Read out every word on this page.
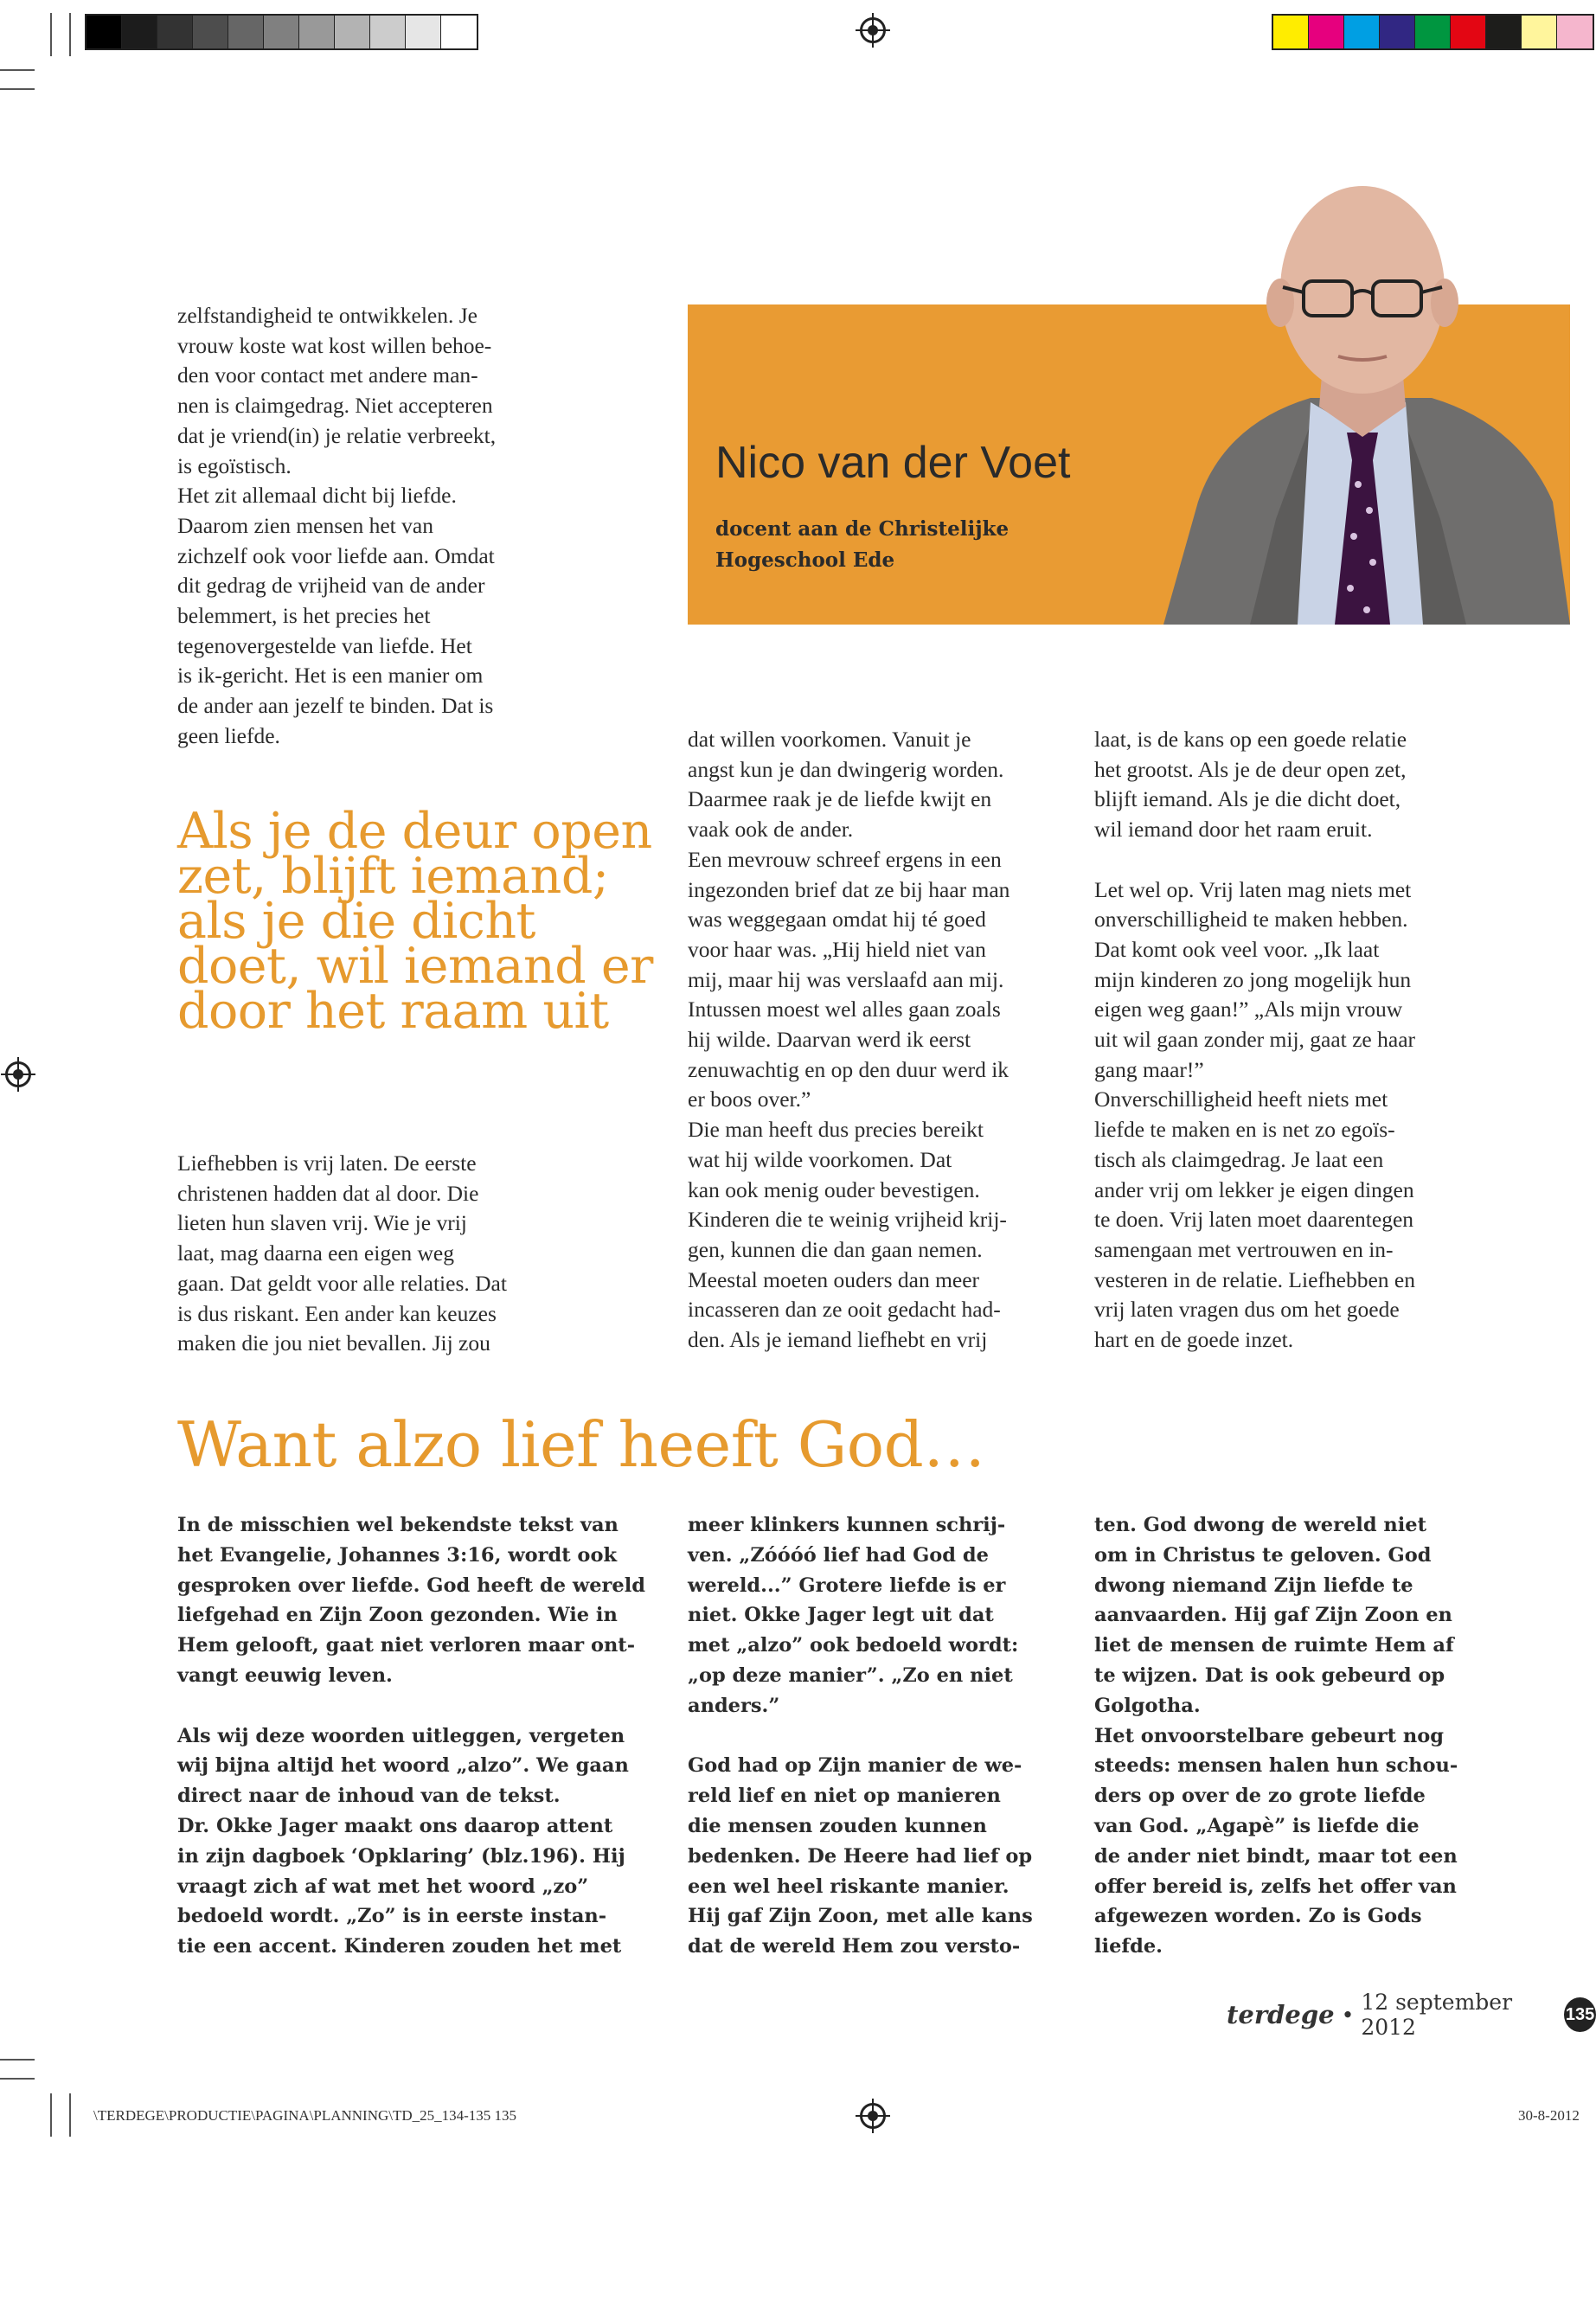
zelfstandigheid te ontwikkelen. Je
vrouw koste wat kost willen behoe-
den voor contact met andere man-
nen is claimgedrag. Niet accepteren
dat je vriend(in) je relatie verbreekt,
is egoïstisch.
Het zit allemaal dicht bij liefde.
Daarom zien mensen het van
zichzelf ook voor liefde aan. Omdat
dit gedrag de vrijheid van de ander
belemmert, is het precies het
tegenovergestelde van liefde. Het
is ik-gericht. Het is een manier om
de ander aan jezelf te binden. Dat is
geen liefde.

Als je de deur open
zet, blijft iemand;
als je die dicht
doet, wil iemand er
door het raam uit

Liefhebben is vrij laten. De eerste
christenen hadden dat al door. Die
lieten hun slaven vrij. Wie je vrij
laat, mag daarna een eigen weg
gaan. Dat geldt voor alle relaties. Dat
is dus riskant. Een ander kan keuzes
maken die jou niet bevallen. Jij zou

Nico van der Voet

docent aan de Christelijke
Hogeschool Ede

dat willen voorkomen. Vanuit je
angst kun je dan dwingerig worden.
Daarmee raak je de liefde kwijt en
vaak ook de ander.
Een mevrouw schreef ergens in een
ingezonden brief dat ze bij haar man
was weggegaan omdat hij té goed
voor haar was. „Hij hield niet van
mij, maar hij was verslaafd aan mij.
Intussen moest wel alles gaan zoals
hij wilde. Daarvan werd ik eerst
zenuwachtig en op den duur werd ik
er boos over.”
Die man heeft dus precies bereikt
wat hij wilde voorkomen. Dat
kan ook menig ouder bevestigen.
Kinderen die te weinig vrijheid krij-
gen, kunnen die dan gaan nemen.
Meestal moeten ouders dan meer
incasseren dan ze ooit gedacht had-
den. Als je iemand liefhebt en vrij

laat, is de kans op een goede relatie
het grootst. Als je de deur open zet,
blijft iemand. Als je die dicht doet,
wil iemand door het raam eruit.

Let wel op. Vrij laten mag niets met
onverschilligheid te maken hebben.
Dat komt ook veel voor. „Ik laat
mijn kinderen zo jong mogelijk hun
eigen weg gaan!” „Als mijn vrouw
uit wil gaan zonder mij, gaat ze haar
gang maar!”
Onverschilligheid heeft niets met
liefde te maken en is net zo egoïs-
tisch als claimgedrag. Je laat een
ander vrij om lekker je eigen dingen
te doen. Vrij laten moet daarentegen
samengaan met vertrouwen en in-
vesteren in de relatie. Liefhebben en
vrij laten vragen dus om het goede
hart en de goede inzet.

Want alzo lief heeft God…

In de misschien wel bekendste tekst van
het Evangelie, Johannes 3:16, wordt ook
gesproken over liefde. God heeft de wereld
liefgehad en Zijn Zoon gezonden. Wie in
Hem gelooft, gaat niet verloren maar ont-
vangt eeuwig leven.

Als wij deze woorden uitleggen, vergeten
wij bijna altijd het woord „alzo”. We gaan
direct naar de inhoud van de tekst.
Dr. Okke Jager maakt ons daarop attent
in zijn dagboek ‘Opklaring’ (blz.196). Hij
vraagt zich af wat met het woord „zo”
bedoeld wordt. „Zo” is in eerste instan-
tie een accent. Kinderen zouden het met

meer klinkers kunnen schrij-
ven. „Zóóóó lief had God de
wereld...” Grotere liefde is er
niet. Okke Jager legt uit dat
met „alzo” ook bedoeld wordt:
„op deze manier”. „Zo en niet
anders.”

God had op Zijn manier de we-
reld lief en niet op manieren
die mensen zouden kunnen
bedenken. De Heere had lief op
een wel heel riskante manier.
Hij gaf Zijn Zoon, met alle kans
dat de wereld Hem zou versto-

ten. God dwong de wereld niet
om in Christus te geloven. God
dwong niemand Zijn liefde te
aanvaarden. Hij gaf Zijn Zoon en
liet de mensen de ruimte Hem af
te wijzen. Dat is ook gebeurd op
Golgotha.
Het onvoorstelbare gebeurt nog
steeds: mensen halen hun schou-
ders op over de zo grote liefde
van God. „Agapè” is liefde die
de ander niet bindt, maar tot een
offer bereid is, zelfs het offer van
afgewezen worden. Zo is Gods
liefde.

terdege • 12 september 2012	135
\TERDEGE\PRODUCTIE\PAGINA\PLANNING\TD_25_134-135 135	30-8-2012
